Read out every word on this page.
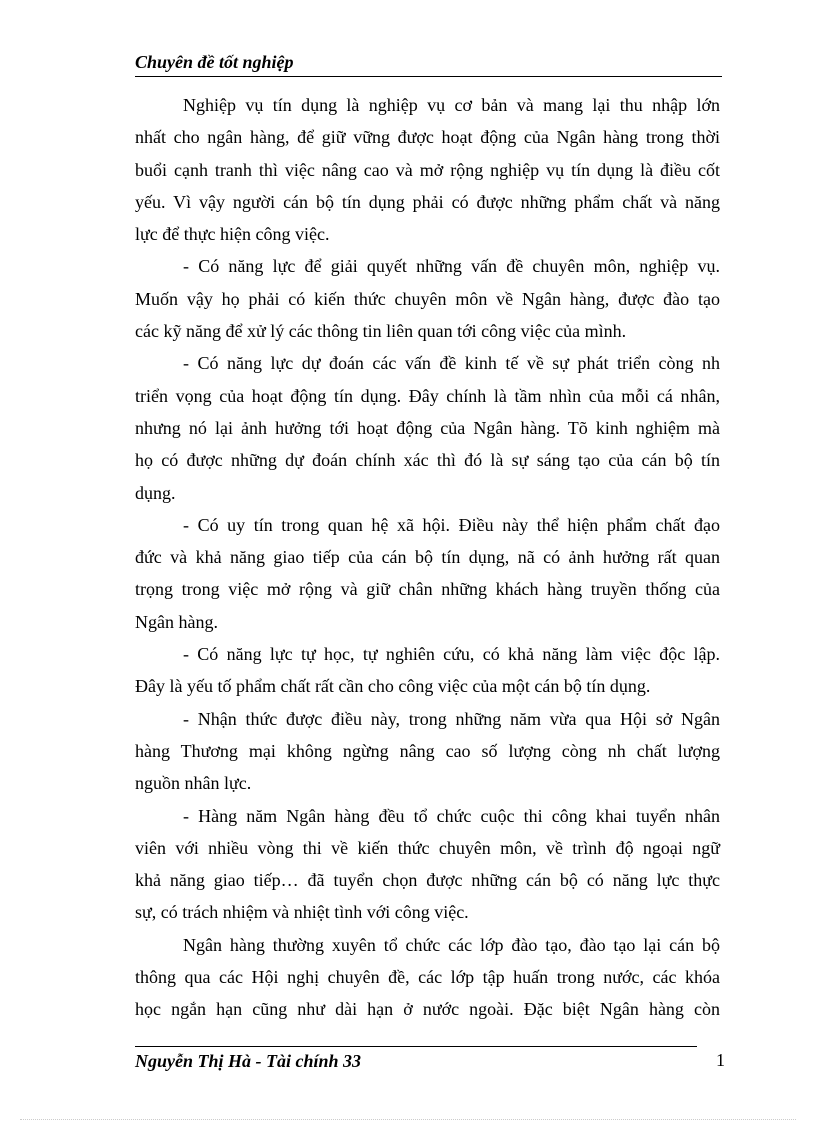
Chuyên đề tốt nghiệp
Nghiệp vụ tín dụng là nghiệp vụ cơ bản và mang lại thu nhập lớn
nhất cho ngân hàng, để giữ vững được hoạt động của Ngân hàng trong thời
buổi cạnh tranh thì việc nâng cao và mở rộng nghiệp vụ tín dụng là điều cốt
yếu. Vì vậy người cán bộ tín dụng phải có được những phẩm chất và năng
lực để thực hiện công việc.
- Có năng lực để giải quyết những vấn đề chuyên môn, nghiệp vụ.
Muốn vậy họ phải có kiến thức chuyên môn về Ngân hàng, được đào tạo
các kỹ năng để xử lý các thông tin liên quan tới công việc của mình.
- Có năng lực dự đoán các vấn đề kinh tế về sự phát triển còng nh
triển vọng của hoạt động tín dụng. Đây chính là tầm nhìn của mỗi cá nhân,
nhưng nó lại ảnh hưởng tới hoạt động của Ngân hàng. Tõ kinh nghiệm mà
họ có được những dự đoán chính xác thì đó là sự sáng tạo của cán bộ tín
dụng.
- Có uy tín trong quan hệ xã hội. Điều này thể hiện phẩm chất đạo
đức và khả năng giao tiếp của cán bộ tín dụng, nã có ảnh hưởng rất quan
trọng trong việc mở rộng và giữ chân những khách hàng truyền thống của
Ngân hàng.
- Có năng lực tự học, tự nghiên cứu, có khả năng làm việc độc lập.
Đây là yếu tố phẩm chất rất cần cho công việc của một cán bộ tín dụng.
- Nhận thức được điều này, trong những năm vừa qua Hội sở Ngân
hàng Thương mại không ngừng nâng cao số lượng còng nh chất lượng
nguồn nhân lực.
- Hàng năm Ngân hàng đều tổ chức cuộc thi công khai tuyển nhân
viên với nhiều vòng thi về kiến thức chuyên môn, về trình độ ngoại ngữ
khả năng giao tiếp… đã tuyển chọn được những cán bộ có năng lực thực
sự, có trách nhiệm và nhiệt tình với công việc.
Ngân hàng thường xuyên tổ chức các lớp đào tạo, đào tạo lại cán bộ
thông qua các Hội nghị chuyên đề, các lớp tập huấn trong nước, các khóa
học ngắn hạn cũng như dài hạn ở nước ngoài. Đặc biệt Ngân hàng còn
Nguyễn Thị Hà - Tài chính 33	1
